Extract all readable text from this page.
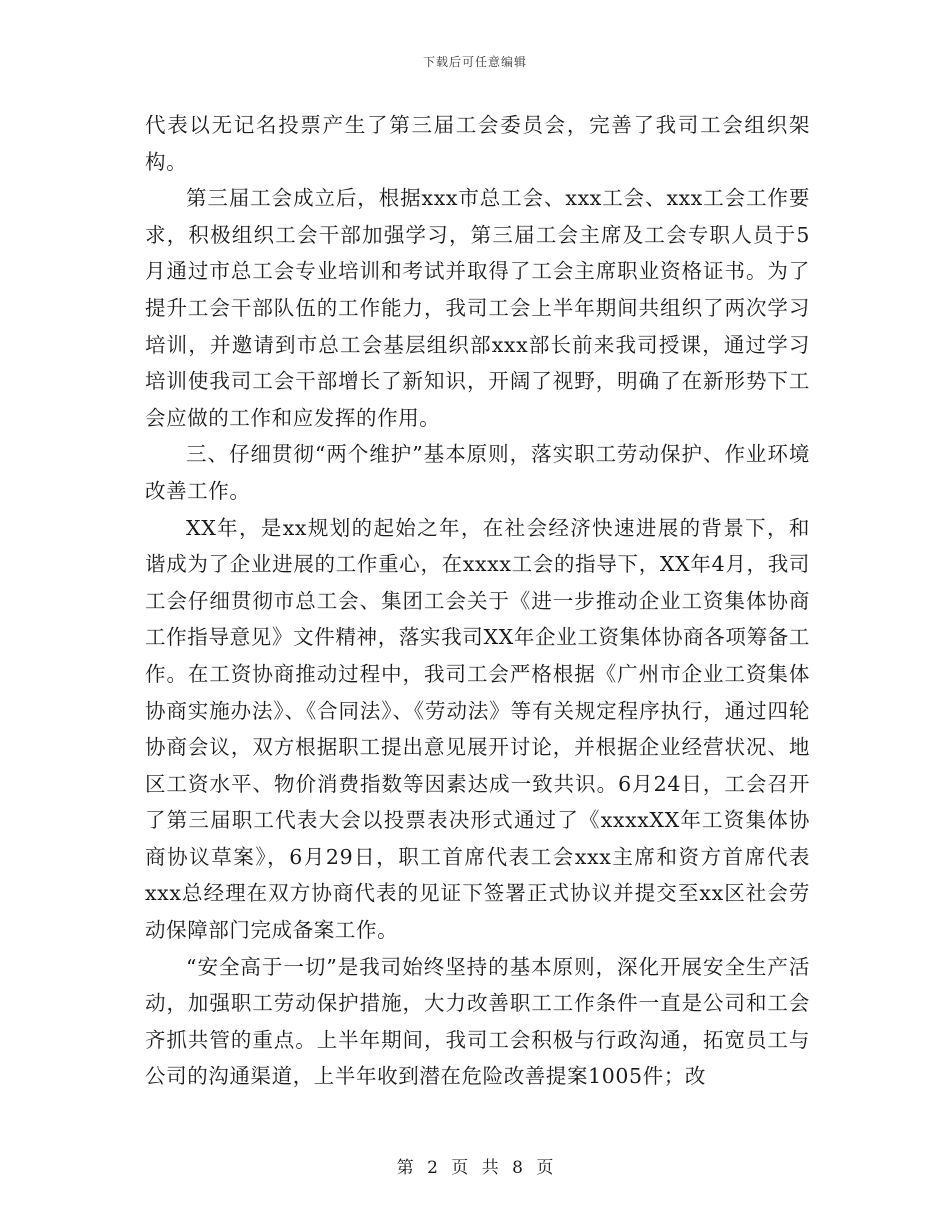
下载后可任意编辑

代表以无记名投票产生了第三届工会委员会，完善了我司工会组织架构。

第三届工会成立后，根据xxx市总工会、xxx工会、xxx工会工作要求，积极组织工会干部加强学习，第三届工会主席及工会专职人员于5月通过市总工会专业培训和考试并取得了工会主席职业资格证书。为了提升工会干部队伍的工作能力，我司工会上半年期间共组织了两次学习培训，并邀请到市总工会基层组织部xxx部长前来我司授课，通过学习培训使我司工会干部增长了新知识，开阔了视野，明确了在新形势下工会应做的工作和应发挥的作用。

三、仔细贯彻“两个维护”基本原则，落实职工劳动保护、作业环境改善工作。

XX年，是xx规划的起始之年，在社会经济快速进展的背景下，和谐成为了企业进展的工作重心，在xxxx工会的指导下，XX年4月，我司工会仔细贯彻市总工会、集团工会关于《进一步推动企业工资集体协商工作指导意见》文件精神，落实我司XX年企业工资集体协商各项筹备工作。在工资协商推动过程中，我司工会严格根据《广州市企业工资集体协商实施办法》、《合同法》、《劳动法》等有关规定程序执行，通过四轮协商会议，双方根据职工提出意见展开讨论，并根据企业经营状况、地区工资水平、物价消费指数等因素达成一致共识。6月24日，工会召开了第三届职工代表大会以投票表决形式通过了《xxxxXX年工资集体协商协议草案》，6月29日，职工首席代表工会xxx主席和资方首席代表xxx总经理在双方协商代表的见证下签署正式协议并提交至xx区社会劳动保障部门完成备案工作。

“安全高于一切”是我司始终坚持的基本原则，深化开展安全生产活动，加强职工劳动保护措施，大力改善职工工作条件一直是公司和工会齐抓共管的重点。上半年期间，我司工会积极与行政沟通，拓宽员工与公司的沟通渠道，上半年收到潜在危险改善提案1005件；改

第 2 页 共 8 页
